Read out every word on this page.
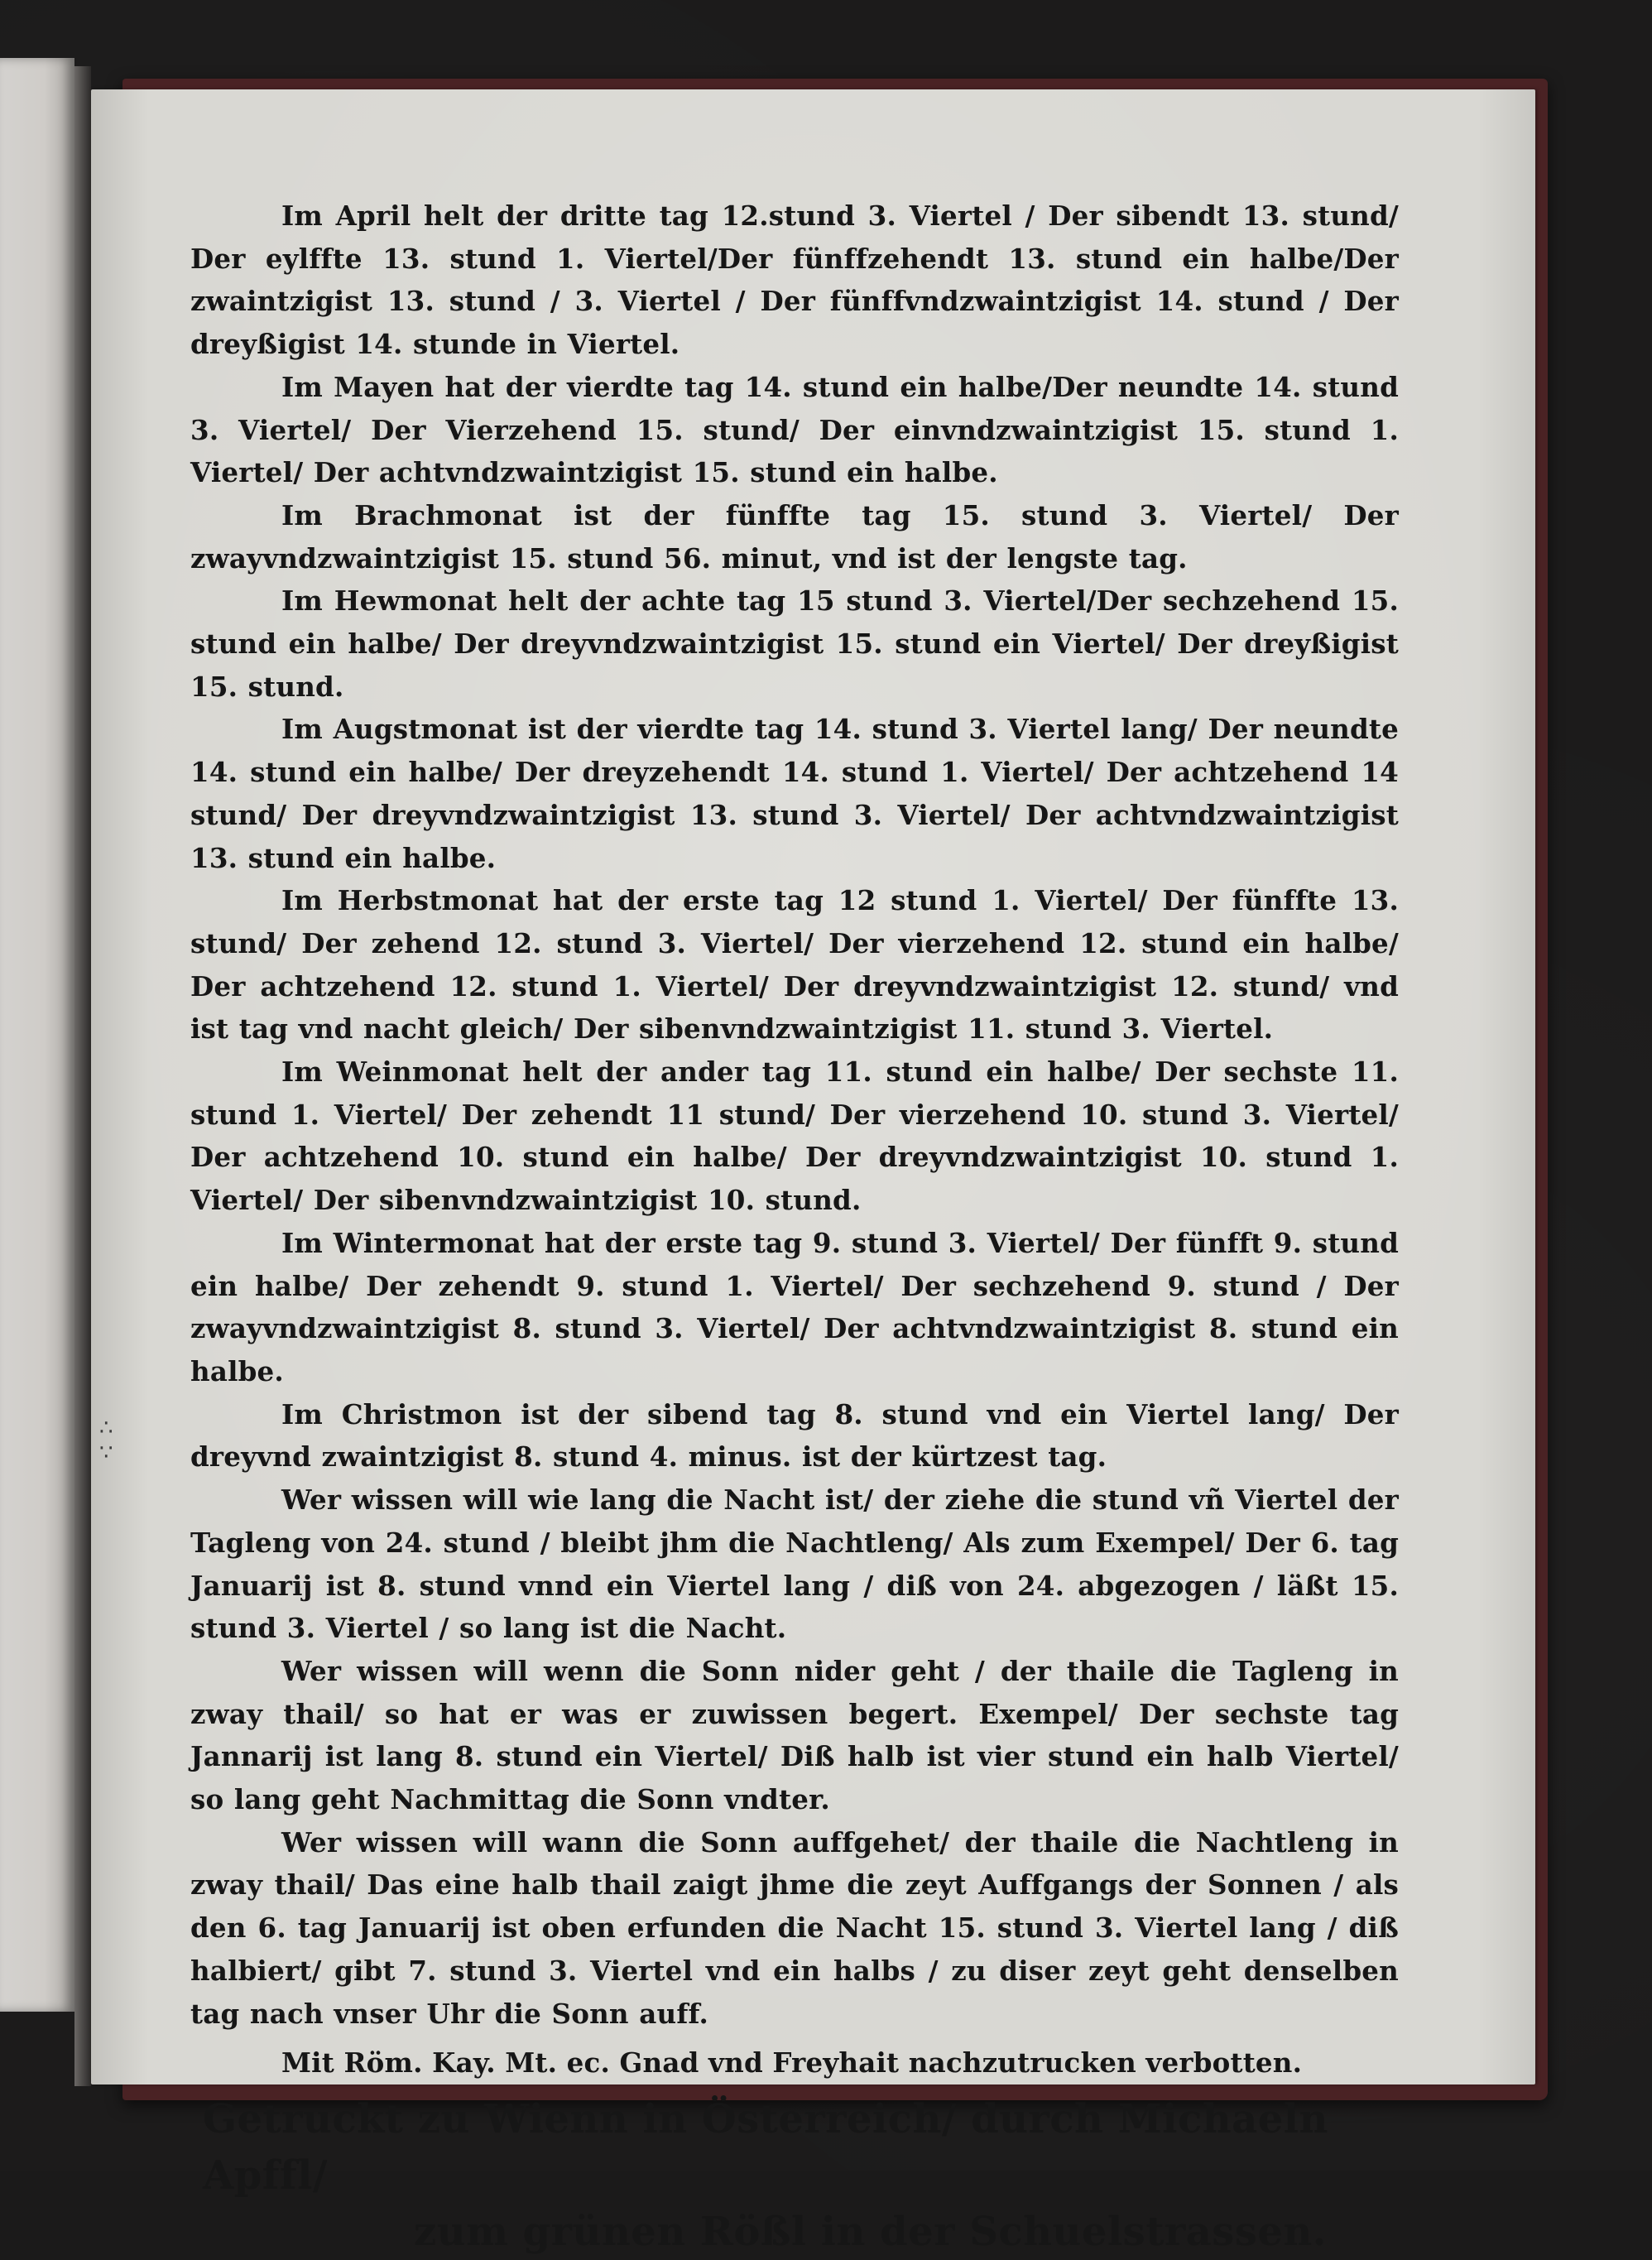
∴
∵

Im April helt der dritte tag 12.stund 3. Viertel / Der sibendt 13. stund/ Der eylffte 13. stund 1. Viertel/Der fünffzehendt 13. stund ein halbe/Der zwaintzigist 13. stund / 3. Viertel / Der fünffvndzwaintzigist 14. stund / Der dreyßigist 14. stunde in Viertel.

Im Mayen hat der vierdte tag 14. stund ein halbe/Der neundte 14. stund 3. Viertel/ Der Vierzehend 15. stund/ Der einvndzwaintzigist 15. stund 1. Viertel/ Der achtvndzwaintzigist 15. stund ein halbe.

Im Brachmonat ist der fünffte tag 15. stund 3. Viertel/ Der zwayvndzwaintzigist 15. stund 56. minut, vnd ist der lengste tag.

Im Hewmonat helt der achte tag 15 stund 3. Viertel/Der sechzehend 15. stund ein halbe/ Der dreyvndzwaintzigist 15. stund ein Viertel/ Der dreyßigist 15. stund.

Im Augstmonat ist der vierdte tag 14. stund 3. Viertel lang/ Der neundte 14. stund ein halbe/ Der dreyzehendt 14. stund 1. Viertel/ Der achtzehend 14 stund/ Der dreyvndzwaintzigist 13. stund 3. Viertel/ Der achtvndzwaintzigist 13. stund ein halbe.

Im Herbstmonat hat der erste tag 12 stund 1. Viertel/ Der fünffte 13. stund/ Der zehend 12. stund 3. Viertel/ Der vierzehend 12. stund ein halbe/ Der achtzehend 12. stund 1. Viertel/ Der dreyvndzwaintzigist 12. stund/ vnd ist tag vnd nacht gleich/ Der sibenvndzwaintzigist 11. stund 3. Viertel.

Im Weinmonat helt der ander tag 11. stund ein halbe/ Der sechste 11. stund 1. Viertel/ Der zehendt 11 stund/ Der vierzehend 10. stund 3. Viertel/ Der achtzehend 10. stund ein halbe/ Der dreyvndzwaintzigist 10. stund 1. Viertel/ Der sibenvndzwaintzigist 10. stund.

Im Wintermonat hat der erste tag 9. stund 3. Viertel/ Der fünfft 9. stund ein halbe/ Der zehendt 9. stund 1. Viertel/ Der sechzehend 9. stund / Der zwayvndzwaintzigist 8. stund 3. Viertel/ Der achtvndzwaintzigist 8. stund ein halbe.

Im Christmon ist der sibend tag 8. stund vnd ein Viertel lang/ Der dreyvnd zwaintzigist 8. stund 4. minus. ist der kürtzest tag.

Wer wissen will wie lang die Nacht ist/ der ziehe die stund vñ Viertel der Tagleng von 24. stund / bleibt jhm die Nachtleng/ Als zum Exempel/ Der 6. tag Januarij ist 8. stund vnnd ein Viertel lang / diß von 24. abgezogen / läßt 15. stund 3. Viertel / so lang ist die Nacht.

Wer wissen will wenn die Sonn nider geht / der thaile die Tagleng in zway thail/ so hat er was er zuwissen begert. Exempel/ Der sechste tag Jannarij ist lang 8. stund ein Viertel/ Diß halb ist vier stund ein halb Viertel/ so lang geht Nachmittag die Sonn vndter.

Wer wissen will wann die Sonn auffgehet/ der thaile die Nachtleng in zway thail/ Das eine halb thail zaigt jhme die zeyt Auffgangs der Sonnen / als den 6. tag Januarij ist oben erfunden die Nacht 15. stund 3. Viertel lang / diß halbiert/ gibt 7. stund 3. Viertel vnd ein halbs / zu diser zeyt geht denselben tag nach vnser Uhr die Sonn auff.

Mit Röm. Kay. Mt. ec. Gnad vnd Freyhait nachzutrucken verbotten.

Getruckt zu Wienn in Österreich/ durch Michaeln Apffl/
zum grünen Rößl in der Schuelstrassen.
